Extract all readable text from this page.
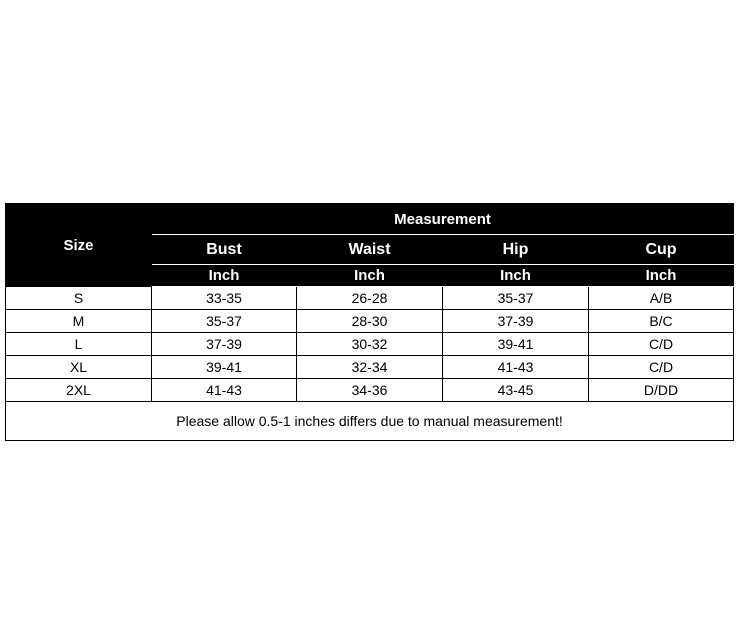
Size	Measurement			
	Bust	Waist	Hip	Cup
	Inch	Inch	Inch	Inch
S	33-35	26-28	35-37	A/B
M	35-37	28-30	37-39	B/C
L	37-39	30-32	39-41	C/D
XL	39-41	32-34	41-43	C/D
2XL	41-43	34-36	43-45	D/DD
Please allow 0.5-1 inches differs due to manual measurement!				
